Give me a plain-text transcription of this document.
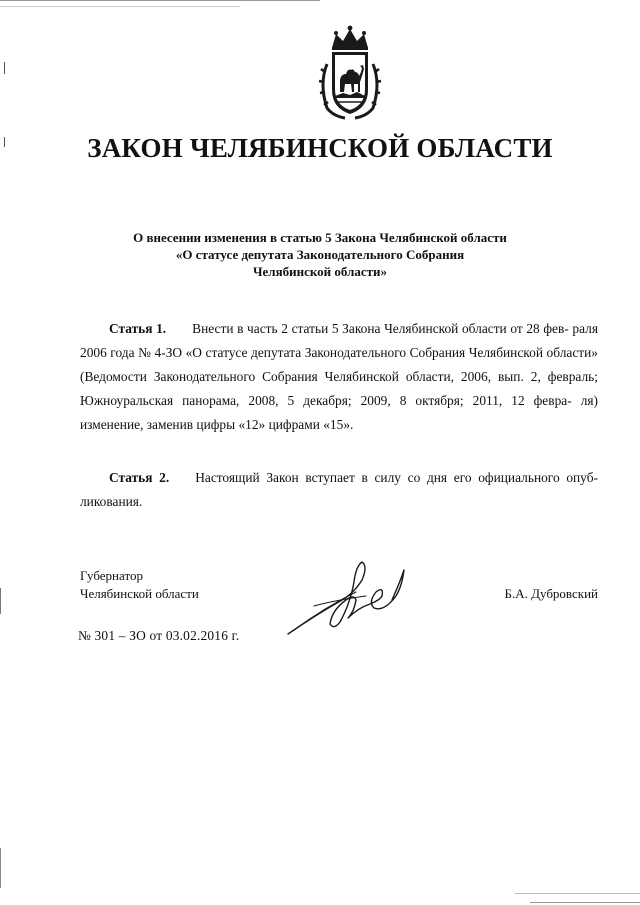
ЗАКОН ЧЕЛЯБИНСКОЙ ОБЛАСТИ
О внесении изменения в статью 5 Закона Челябинской области
«О статусе депутата Законодательного Собрания
Челябинской области»

Статья 1. Внести в часть 2 статьи 5 Закона Челябинской области от 28 фев- раля 2006 года № 4-ЗО «О статусе депутата Законодательного Собрания Челябинской области» (Ведомости Законодательного Собрания Челябинской области, 2006, вып. 2, февраль; Южноуральская панорама, 2008, 5 декабря; 2009, 8 октября; 2011, 12 февра- ля) изменение, заменив цифры «12» цифрами «15».

Статья 2. Настоящий Закон вступает в силу со дня его официального опуб- ликования.

Губернатор
Челябинской области	Б.А. Дубровский
№ 301 – ЗО от 03.02.2016 г.
